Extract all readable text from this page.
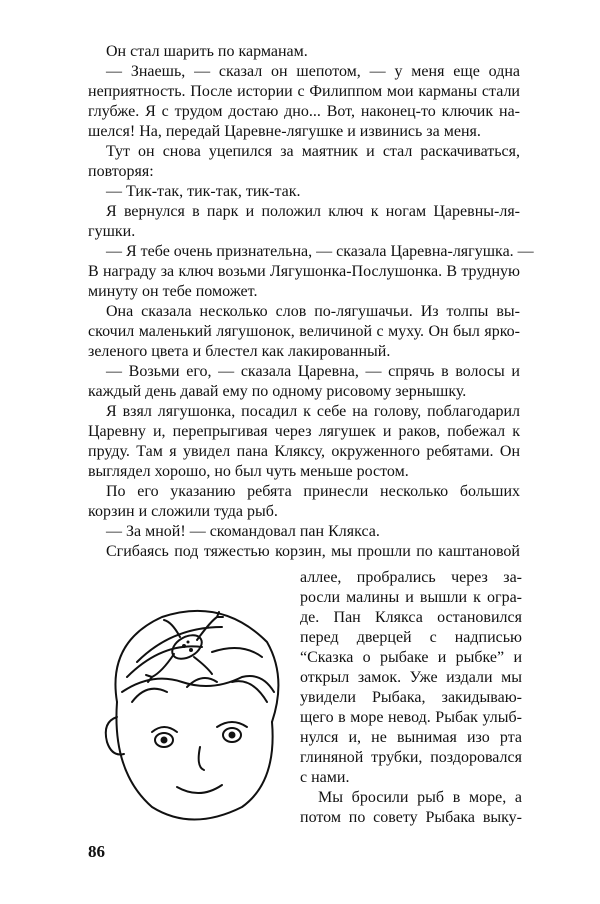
Он стал шарить по карманам.
— Знаешь, — сказал он шепотом, — у меня еще одна
неприятность. После истории с Филиппом мои карманы стали
глубже. Я с трудом достаю дно... Вот, наконец-то ключик на-
шелся! На, передай Царевне-лягушке и извинись за меня.
Тут он снова уцепился за маятник и стал раскачиваться,
повторяя:
— Тик-так, тик-так, тик-так.
Я вернулся в парк и положил ключ к ногам Царевны-ля-
гушки.
— Я тебе очень признательна, — сказала Царевна-лягушка. —
В награду за ключ возьми Лягушонка-Послушонка. В трудную
минуту он тебе поможет.
Она сказала несколько слов по-лягушачьи. Из толпы вы-
скочил маленький лягушонок, величиной с муху. Он был ярко-
зеленого цвета и блестел как лакированный.
— Возьми его, — сказала Царевна, — спрячь в волосы и
каждый день давай ему по одному рисовому зернышку.
Я взял лягушонка, посадил к себе на голову, поблагодарил
Царевну и, перепрыгивая через лягушек и раков, побежал к
пруду. Там я увидел пана Кляксу, окруженного ребятами. Он
выглядел хорошо, но был чуть меньше ростом.
По его указанию ребята принесли несколько больших
корзин и сложили туда рыб.
— За мной! — скомандовал пан Клякса.
Сгибаясь под тяжестью корзин, мы прошли по каштановой
аллее, пробрались через за-
росли малины и вышли к огра-
де. Пан Клякса остановился
перед дверцей с надписью
“Сказка о рыбаке и рыбке” и
открыл замок. Уже издали мы
увидели Рыбака, закидываю-
щего в море невод. Рыбак улыб-
нулся и, не вынимая изо рта
глиняной трубки, поздоровался
с нами.
Мы бросили рыб в море, а
потом по совету Рыбака выку-
86
